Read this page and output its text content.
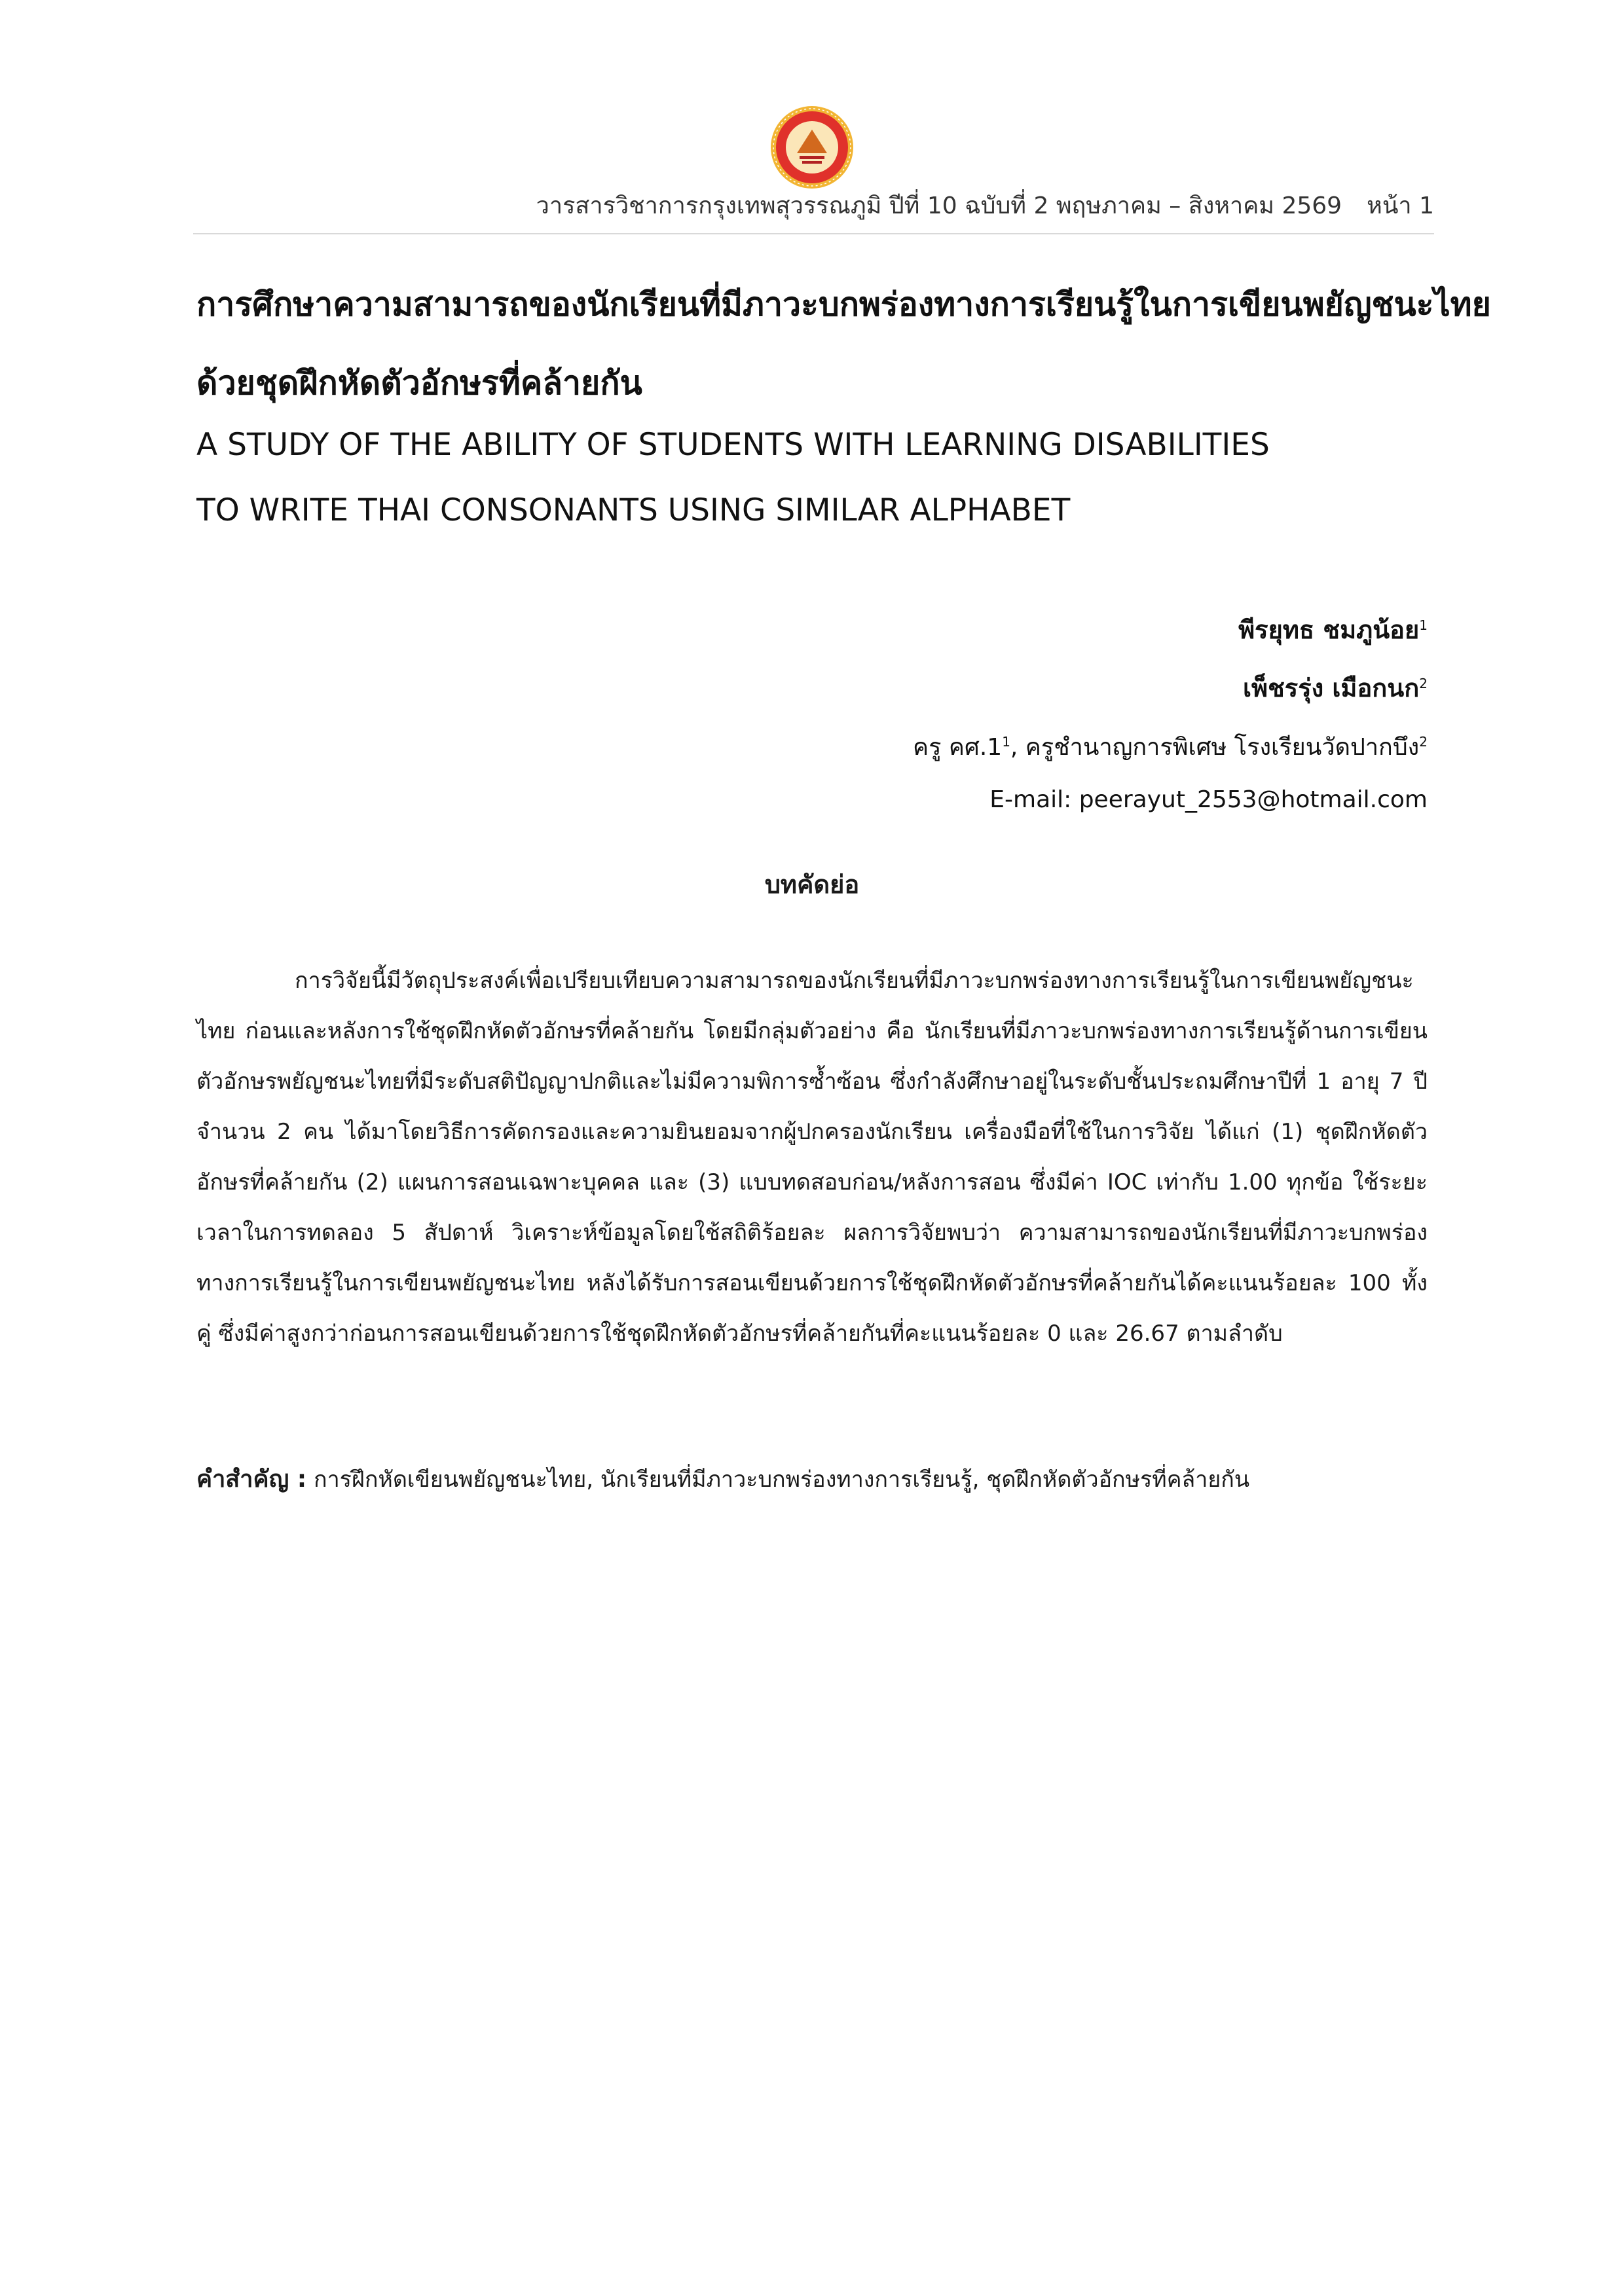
วารสารวิชาการกรุงเทพสุวรรณภูมิ ปีที่ 10 ฉบับที่ 2 พฤษภาคม – สิงหาคม 2569 หน้า 1
การศึกษาความสามารถของนักเรียนที่มีภาวะบกพร่องทางการเรียนรู้ในการเขียนพยัญชนะไทย
ด้วยชุดฝึกหัดตัวอักษรที่คล้ายกัน
A STUDY OF THE ABILITY OF STUDENTS WITH LEARNING DISABILITIES
TO WRITE THAI CONSONANTS USING SIMILAR ALPHABET
พีรยุทธ ชมภูน้อย$^1$
เพ็ชรรุ่ง เมือกนก$^2$
ครู คศ$.1^1$, ครูชำนาญการพิเศษ โรงเรียนวัดปากบึง$^2$
E-mail: peerayut_2553@hotmail.com
บทคัดย่อ
การวิจัยนี้มีวัตถุประสงค์เพื่อเปรียบเทียบความสามารถของนักเรียนที่มีภาวะบกพร่องทางการเรียนรู้ในการเขียนพยัญชนะไทย ก่อนและหลังการใช้ชุดฝึกหัดตัวอักษรที่คล้ายกัน โดยมีกลุ่มตัวอย่าง คือ นักเรียนที่มีภาวะบกพร่องทางการเรียนรู้ด้านการเขียนตัวอักษรพยัญชนะไทยที่มีระดับสติปัญญาปกติและไม่มีความพิการซ้ำซ้อน ซึ่งกำลังศึกษาอยู่ในระดับชั้นประถมศึกษาปีที่ 1 อายุ 7 ปี จำนวน 2 คน ได้มาโดยวิธีการคัดกรองและความยินยอมจากผู้ปกครองนักเรียน เครื่องมือที่ใช้ในการวิจัย ได้แก่ (1) ชุดฝึกหัดตัวอักษรที่คล้ายกัน (2) แผนการสอนเฉพาะบุคคล และ (3) แบบทดสอบก่อน/หลังการสอน ซึ่งมีค่า IOC เท่ากับ 1.00 ทุกข้อ ใช้ระยะเวลาในการทดลอง 5 สัปดาห์ วิเคราะห์ข้อมูลโดยใช้สถิติร้อยละ ผลการวิจัยพบว่า ความสามารถของนักเรียนที่มีภาวะบกพร่องทางการเรียนรู้ในการเขียนพยัญชนะไทย หลังได้รับการสอนเขียนด้วยการใช้ชุดฝึกหัดตัวอักษรที่คล้ายกันได้คะแนนร้อยละ 100 ทั้งคู่ ซึ่งมีค่าสูงกว่าก่อนการสอนเขียนด้วยการใช้ชุดฝึกหัดตัวอักษรที่คล้ายกันที่คะแนนร้อยละ 0 และ 26.67 ตามลำดับ
คำสำคัญ : การฝึกหัดเขียนพยัญชนะไทย, นักเรียนที่มีภาวะบกพร่องทางการเรียนรู้, ชุดฝึกหัดตัวอักษรที่คล้ายกัน
